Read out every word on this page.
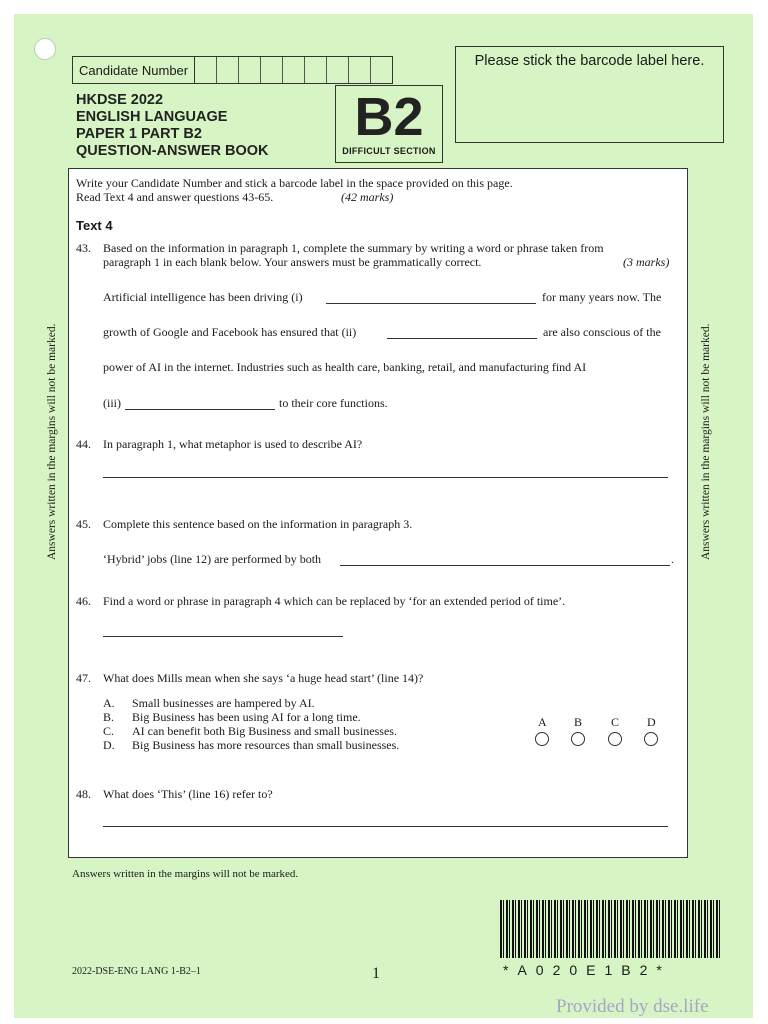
Candidate Number
HKDSE 2022
ENGLISH LANGUAGE
PAPER 1 PART B2
QUESTION-ANSWER BOOK
B2
DIFFICULT SECTION
Please stick the barcode label here.
Answers written in the margins will not be marked.	Answers written in the margins will not be marked.
Write your Candidate Number and stick a barcode label in the space provided on this page.
Read Text 4 and answer questions 43-65.	(42 marks)
Text 4
43. Based on the information in paragraph 1, complete the summary by writing a word or phrase taken from
paragraph 1 in each blank below. Your answers must be grammatically correct.	(3 marks)
Artificial intelligence has been driving (i)	for many years now. The
growth of Google and Facebook has ensured that (ii)	are also conscious of the
power of AI in the internet. Industries such as health care, banking, retail, and manufacturing find AI
(iii)	to their core functions.
44. In paragraph 1, what metaphor is used to describe AI?
45. Complete this sentence based on the information in paragraph 3.
‘Hybrid’ jobs (line 12) are performed by both	.
46. Find a word or phrase in paragraph 4 which can be replaced by ‘for an extended period of time’.
47. What does Mills mean when she says ‘a huge head start’ (line 14)?
A. Small businesses are hampered by AI.
B. Big Business has been using AI for a long time.
C. AI can benefit both Big Business and small businesses.
D. Big Business has more resources than small businesses.
A B C D
48. What does ‘This’ (line 16) refer to?
Answers written in the margins will not be marked.
2022-DSE-ENG LANG 1-B2–1	1	*A020E1B2*
Provided by dse.life
